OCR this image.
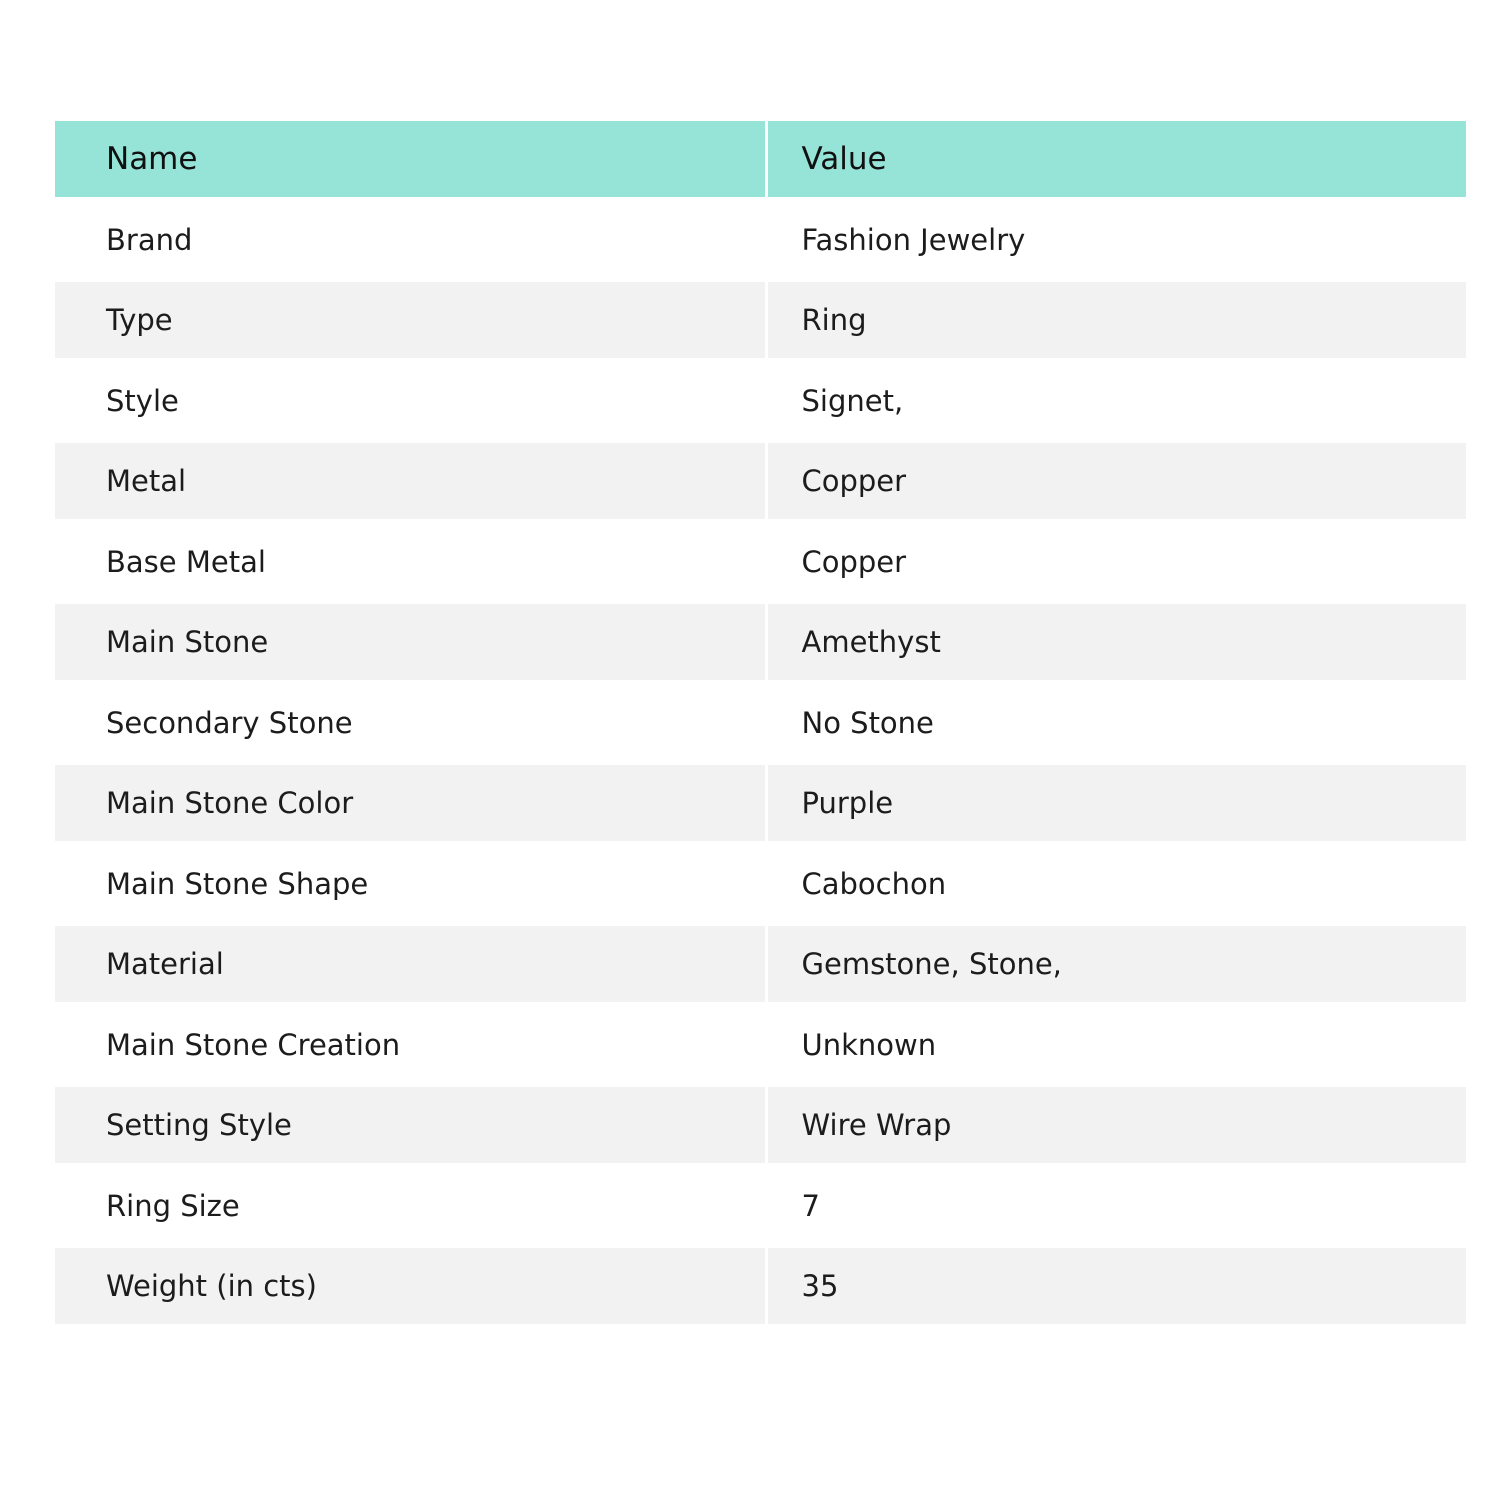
Name	Value
Brand	Fashion Jewelry
Type	Ring
Style	Signet,
Metal	Copper
Base Metal	Copper
Main Stone	Amethyst
Secondary Stone	No Stone
Main Stone Color	Purple
Main Stone Shape	Cabochon
Material	Gemstone, Stone,
Main Stone Creation	Unknown
Setting Style	Wire Wrap
Ring Size	7
Weight (in cts)	35
